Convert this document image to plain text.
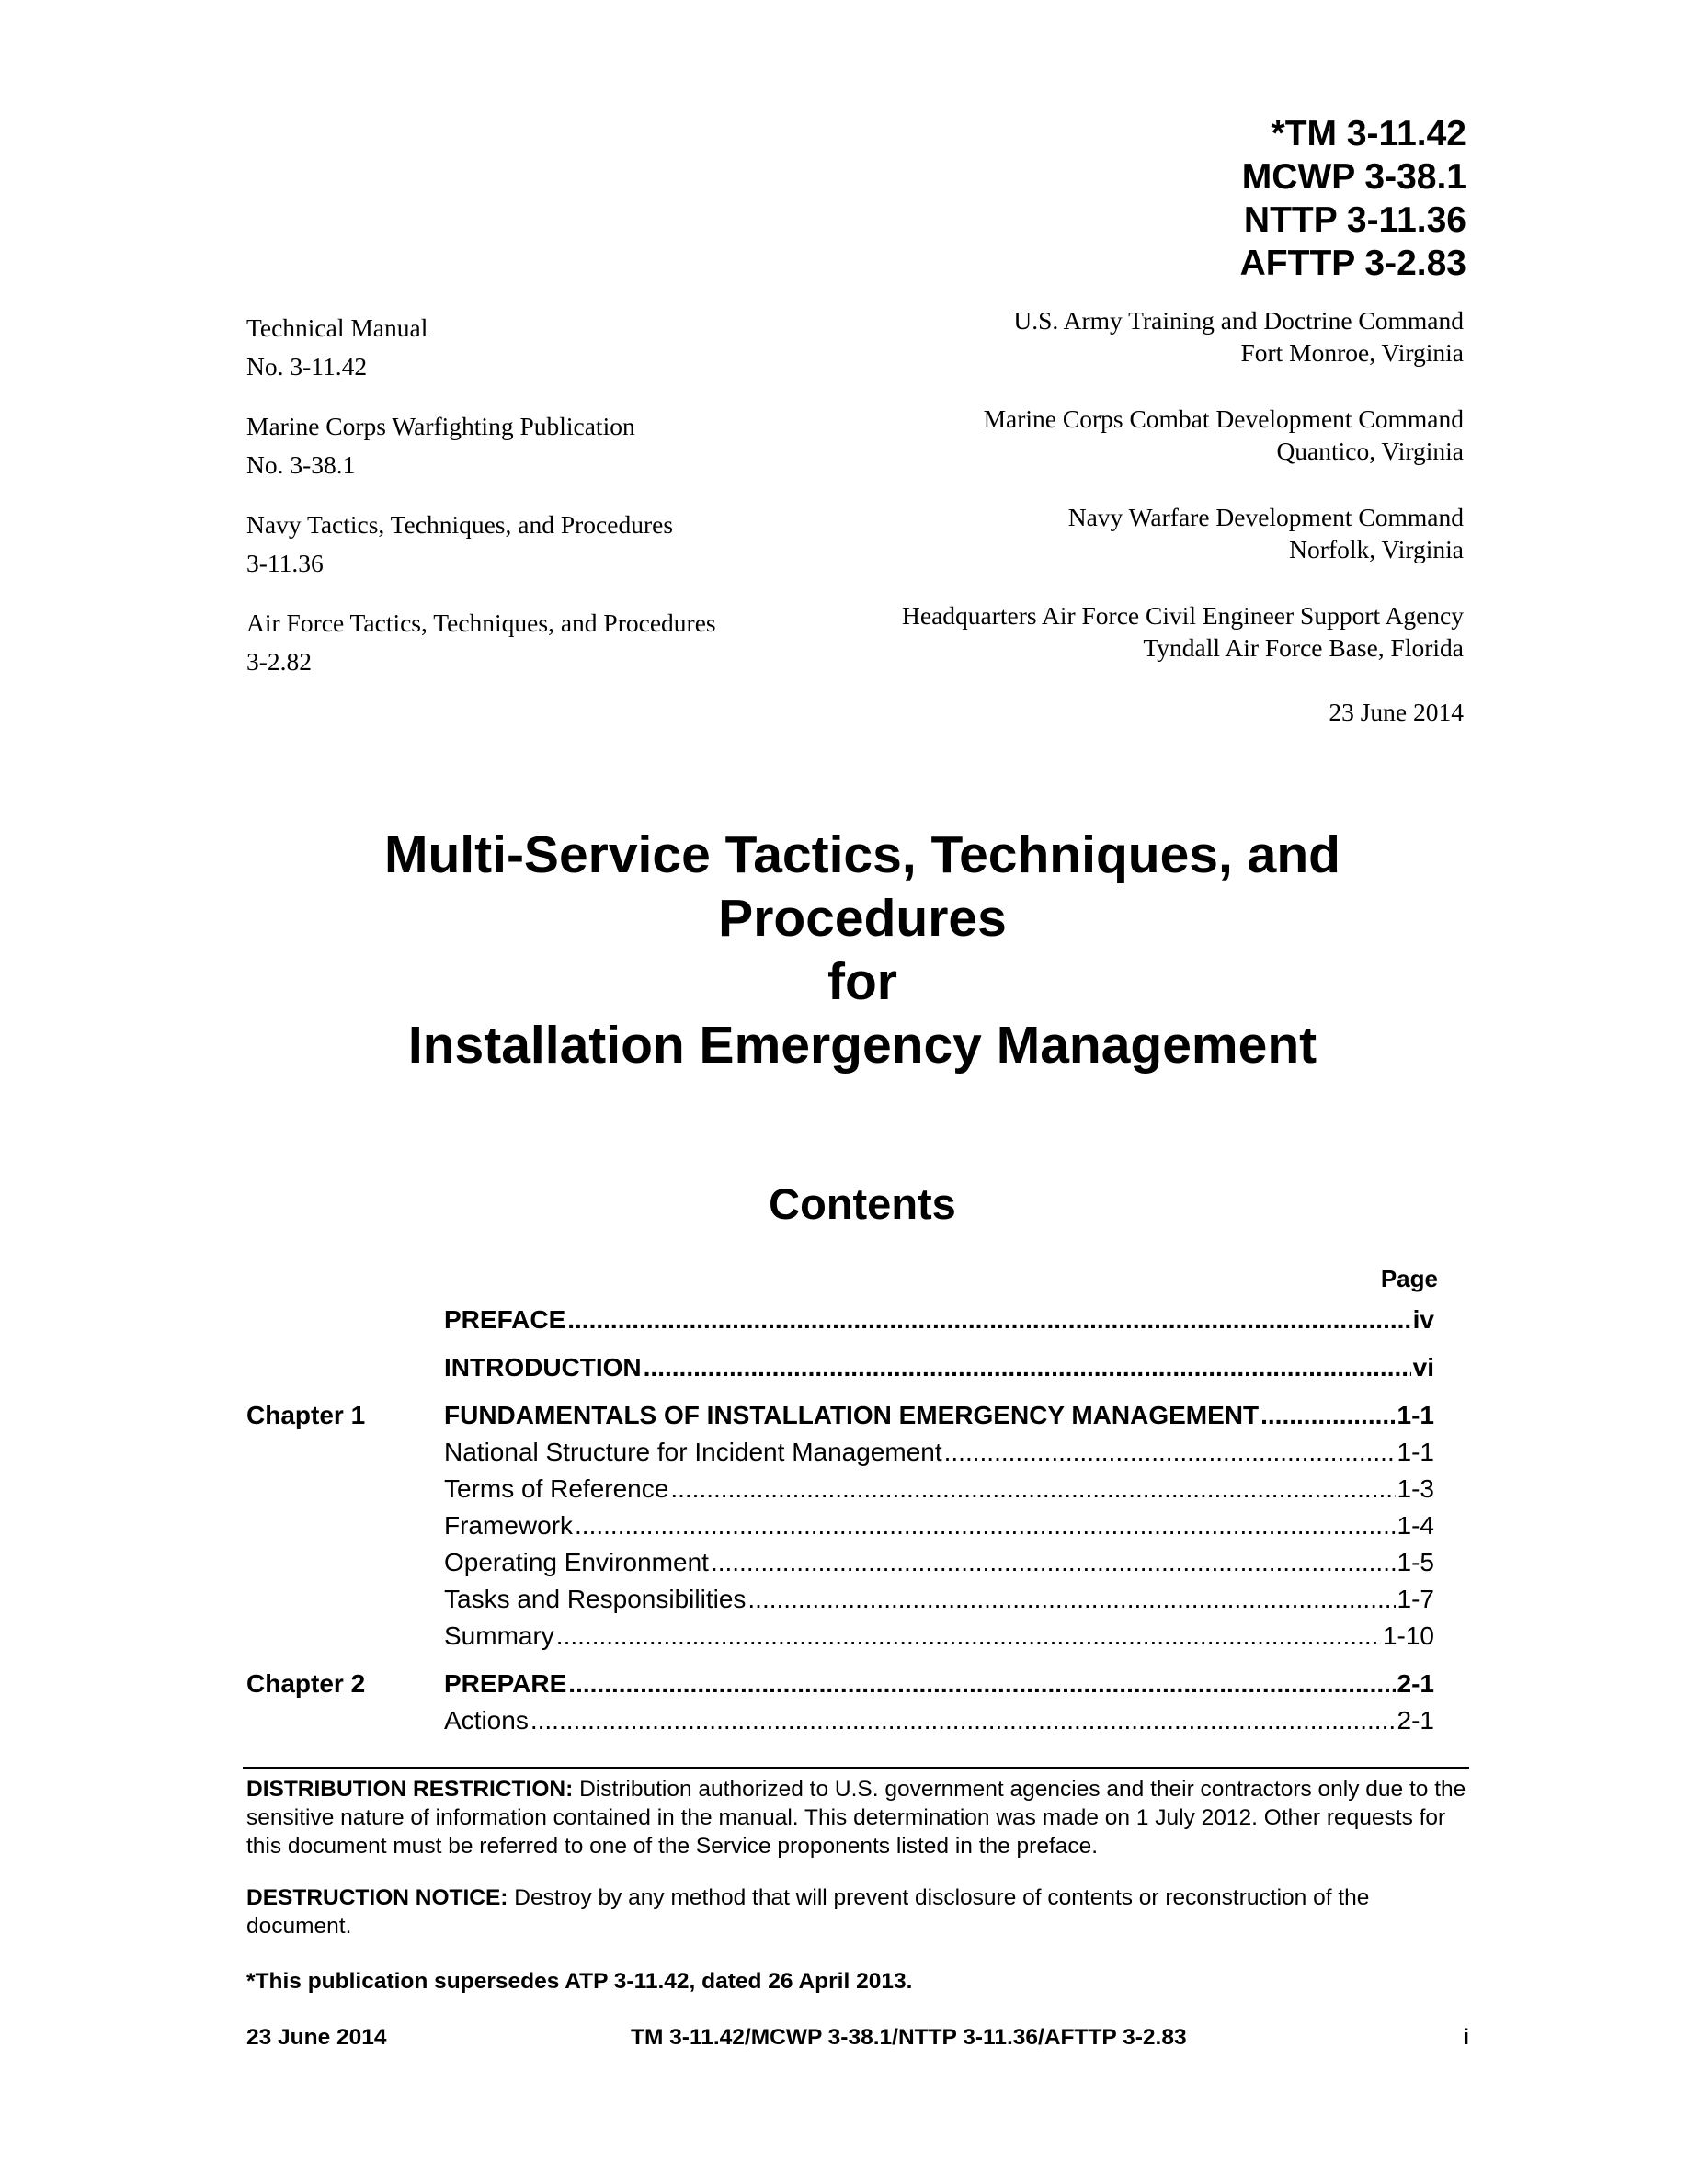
*TM 3-11.42
MCWP 3-38.1
NTTP 3-11.36
AFTTP 3-2.83
Technical Manual
No. 3-11.42
Marine Corps Warfighting Publication
No. 3-38.1
Navy Tactics, Techniques, and Procedures
3-11.36
Air Force Tactics, Techniques, and Procedures
3-2.82
U.S. Army Training and Doctrine Command
Fort Monroe, Virginia
Marine Corps Combat Development Command
Quantico, Virginia
Navy Warfare Development Command
Norfolk, Virginia
Headquarters Air Force Civil Engineer Support Agency
Tyndall Air Force Base, Florida
23 June 2014
Multi-Service Tactics, Techniques, and
Procedures
for
Installation Emergency Management
Contents
Page
PREFACE .....	iv
INTRODUCTION .....	vi
Chapter 1	FUNDAMENTALS OF INSTALLATION EMERGENCY MANAGEMENT .....	1-1
National Structure for Incident Management .....	1-1
Terms of Reference .....	1-3
Framework .....	1-4
Operating Environment .....	1-5
Tasks and Responsibilities .....	1-7
Summary .....	1-10
Chapter 2	PREPARE .....	2-1
Actions .....	2-1
DISTRIBUTION RESTRICTION: Distribution authorized to U.S. government agencies and their contractors only due to the sensitive nature of information contained in the manual. This determination was made on 1 July 2012. Other requests for this document must be referred to one of the Service proponents listed in the preface.
DESTRUCTION NOTICE: Destroy by any method that will prevent disclosure of contents or reconstruction of the document.
*This publication supersedes ATP 3-11.42, dated 26 April 2013.
23 June 2014	TM 3-11.42/MCWP 3-38.1/NTTP 3-11.36/AFTTP 3-2.83	i
